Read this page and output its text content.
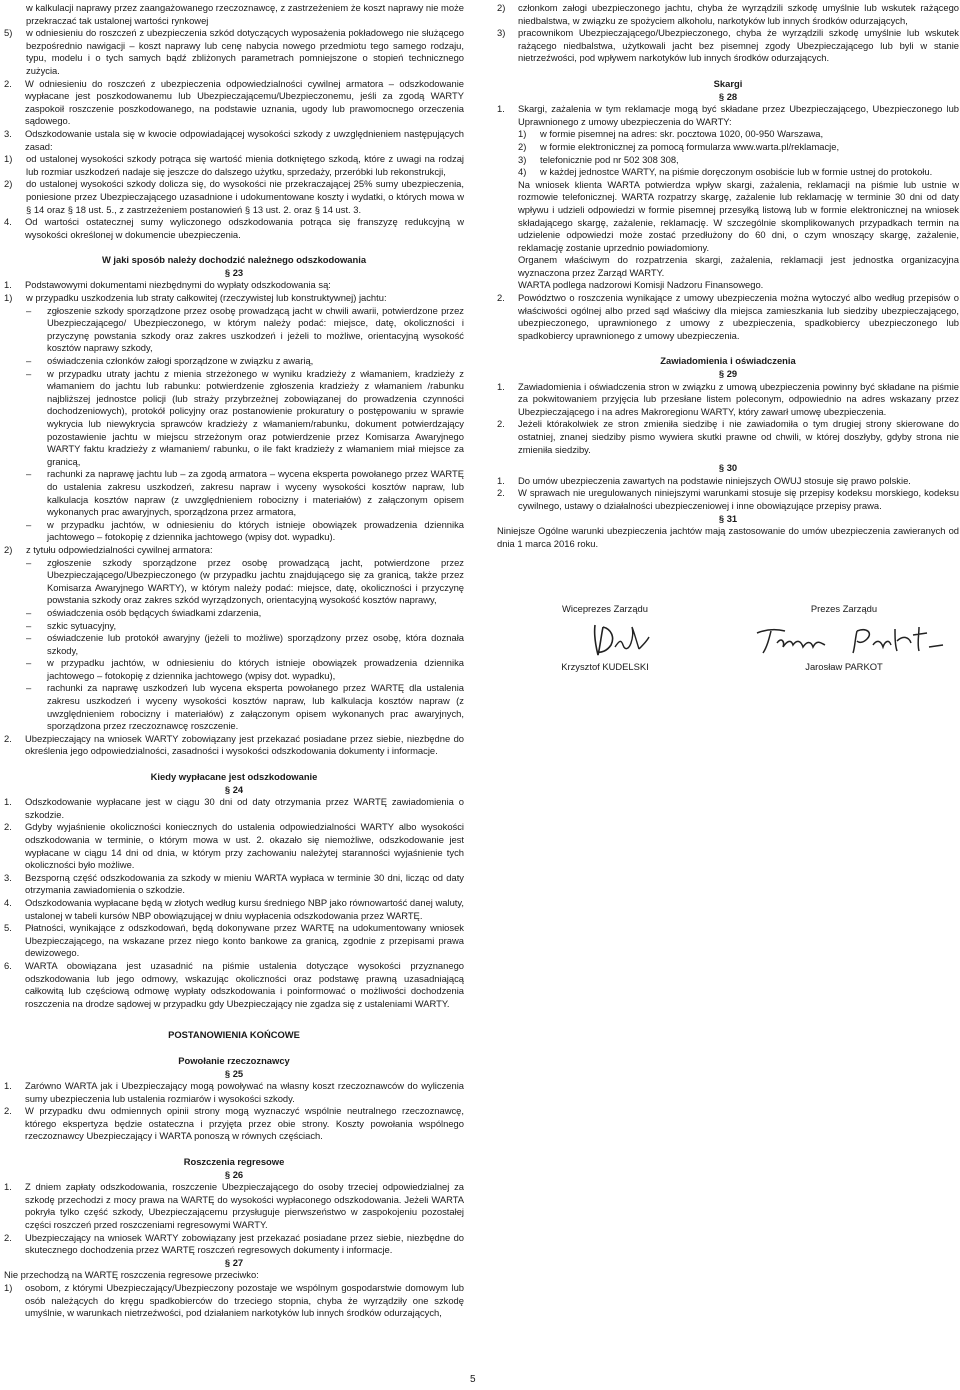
w kalkulacji naprawy przez zaangażowanego rzeczoznawcę, z zastrzeżeniem że koszt naprawy nie może przekraczać tak ustalonej wartości rynkowej

5) w odniesieniu do roszczeń z ubezpieczenia szkód dotyczących wyposażenia pokładowego nie służącego bezpośrednio nawigacji – koszt naprawy lub cenę nabycia nowego przedmiotu tego samego rodzaju, typu, modelu i o tych samych bądź zbliżonych parametrach pomniejszone o stopień technicznego zużycia.
2. W odniesieniu do roszczeń z ubezpieczenia odpowiedzialności cywilnej armatora – odszkodowanie wypłacane jest poszkodowanemu lub Ubezpieczającemu/Ubezpieczonemu, jeśli za zgodą WARTY zaspokoił roszczenie poszkodowanego, na podstawie uznania, ugody lub prawomocnego orzeczenia sądowego.
3. Odszkodowanie ustala się w kwocie odpowiadającej wysokości szkody z uwzględnieniem następujących zasad:
1) od ustalonej wysokości szkody potrąca się wartość mienia dotkniętego szkodą, które z uwagi na rodzaj lub rozmiar uszkodzeń nadaje się jeszcze do dalszego użytku, sprzedaży, przeróbki lub rekonstrukcji,
2) do ustalonej wysokości szkody dolicza się, do wysokości nie przekraczającej 25% sumy ubezpieczenia, poniesione przez Ubezpieczającego uzasadnione i udokumentowane koszty i wydatki, o których mowa w § 14 oraz § 18 ust. 5., z zastrzeżeniem postanowień § 13 ust. 2. oraz § 14 ust. 3.
4. Od wartości ostatecznej sumy wyliczonego odszkodowania potrąca się franszyzę redukcyjną w wysokości określonej w dokumencie ubezpieczenia.
W jaki sposób należy dochodzić należnego odszkodowania
§ 23
1. Podstawowymi dokumentami niezbędnymi do wypłaty odszkodowania są:
1) w przypadku uszkodzenia lub straty całkowitej (rzeczywistej lub konstruktywnej) jachtu:
– zgłoszenie szkody sporządzone przez osobę prowadzącą jacht w chwili awarii, potwierdzone przez Ubezpieczającego/ Ubezpieczonego, w którym należy podać: miejsce, datę, okoliczności i przyczynę powstania szkody oraz zakres uszkodzeń i jeżeli to możliwe, orientacyjną wysokość kosztów naprawy szkody,
– oświadczenia członków załogi sporządzone w związku z awarią,
– w przypadku utraty jachtu z mienia strzeżonego w wyniku kradzieży z włamaniem, kradzieży z włamaniem do jachtu lub rabunku: potwierdzenie zgłoszenia kradzieży z włamaniem /rabunku najbliższej jednostce policji (lub straży przybrzeżnej zobowiązanej do prowadzenia czynności dochodzeniowych), protokół policyjny oraz postanowienie prokuratury o postępowaniu w sprawie wykrycia lub niewykrycia sprawców kradzieży z włamaniem/rabunku, dokument potwierdzający pozostawienie jachtu w miejscu strzeżonym oraz potwierdzenie przez Komisarza Awaryjnego WARTY faktu kradzieży z włamaniem/ rabunku, o ile fakt kradzieży z włamaniem miał miejsce za granicą,
– rachunki za naprawę jachtu lub – za zgodą armatora – wycena eksperta powołanego przez WARTĘ do ustalenia zakresu uszkodzeń, zakresu napraw i wyceny wysokości kosztów napraw, lub kalkulacja kosztów napraw (z uwzględnieniem robocizny i materiałów) z załączonym opisem wykonanych prac awaryjnych, sporządzona przez armatora,
– w przypadku jachtów, w odniesieniu do których istnieje obowiązek prowadzenia dziennika jachtowego – fotokopię z dziennika jachtowego (wpisy dot. wypadku).
2) z tytułu odpowiedzialności cywilnej armatora:
– zgłoszenie szkody sporządzone przez osobę prowadzącą jacht, potwierdzone przez Ubezpieczającego/Ubezpieczonego (w przypadku jachtu znajdującego się za granicą, także przez Komisarza Awaryjnego WARTY), w którym należy podać: miejsce, datę, okoliczności i przyczynę powstania szkody oraz zakres szkód wyrządzonych, orientacyjną wysokość kosztów naprawy,
– oświadczenia osób będących świadkami zdarzenia,
– szkic sytuacyjny,
– oświadczenie lub protokół awaryjny (jeżeli to możliwe) sporządzony przez osobę, która doznała szkody,
– w przypadku jachtów, w odniesieniu do których istnieje obowiązek prowadzenia dziennika jachtowego – fotokopię z dziennika jachtowego (wpisy dot. wypadku),
– rachunki za naprawę uszkodzeń lub wycena eksperta powołanego przez WARTĘ dla ustalenia zakresu uszkodzeń i wyceny wysokości kosztów napraw, lub kalkulacja kosztów napraw (z uwzględnieniem robocizny i materiałów) z załączonym opisem wykonanych prac awaryjnych, sporządzona przez rzeczoznawcę roszczenie.
2. Ubezpieczający na wniosek WARTY zobowiązany jest przekazać posiadane przez siebie, niezbędne do określenia jego odpowiedzialności, zasadności i wysokości odszkodowania dokumenty i informacje.
Kiedy wypłacane jest odszkodowanie
§ 24
1. Odszkodowanie wypłacane jest w ciągu 30 dni od daty otrzymania przez WARTĘ zawiadomienia o szkodzie.
2. Gdyby wyjaśnienie okoliczności koniecznych do ustalenia odpowiedzialności WARTY albo wysokości odszkodowania w terminie, o którym mowa w ust. 2. okazało się niemożliwe, odszkodowanie jest wypłacane w ciągu 14 dni od dnia, w którym przy zachowaniu należytej staranności wyjaśnienie tych okoliczności było możliwe.
3. Bezsporną część odszkodowania za szkody w mieniu WARTA wypłaca w terminie 30 dni, licząc od daty otrzymania zawiadomienia o szkodzie.
4. Odszkodowania wypłacane będą w złotych według kursu średniego NBP jako równowartość danej waluty, ustalonej w tabeli kursów NBP obowiązującej w dniu wypłacenia odszkodowania przez WARTĘ.
5. Płatności, wynikające z odszkodowań, będą dokonywane przez WARTĘ na udokumentowany wniosek Ubezpieczającego, na wskazane przez niego konto bankowe za granicą, zgodnie z przepisami prawa dewizowego.
6. WARTA obowiązana jest uzasadnić na piśmie ustalenia dotyczące wysokości przyznanego odszkodowania lub jego odmowy, wskazując okoliczności oraz podstawę prawną uzasadniającą całkowitą lub częściową odmowę wypłaty odszkodowania i poinformować o możliwości dochodzenia roszczenia na drodze sądowej w przypadku gdy Ubezpieczający nie zgadza się z ustaleniami WARTY.
POSTANOWIENIA KOŃCOWE
Powołanie rzeczoznawcy
§ 25
1. Zarówno WARTA jak i Ubezpieczający mogą powoływać na własny koszt rzeczoznawców do wyliczenia sumy ubezpieczenia lub ustalenia rozmiarów i wysokości szkody.
2. W przypadku dwu odmiennych opinii strony mogą wyznaczyć wspólnie neutralnego rzeczoznawcę, którego ekspertyza będzie ostateczna i przyjęta przez obie strony. Koszty powołania wspólnego rzeczoznawcy Ubezpieczający i WARTA ponoszą w równych częściach.
Roszczenia regresowe
§ 26
1. Z dniem zapłaty odszkodowania, roszczenie Ubezpieczającego do osoby trzeciej odpowiedzialnej za szkodę przechodzi z mocy prawa na WARTĘ do wysokości wypłaconego odszkodowania. Jeżeli WARTA pokryła tylko część szkody, Ubezpieczającemu przysługuje pierwszeństwo w zaspokojeniu pozostałej części roszczeń przed roszczeniami regresowymi WARTY.
2. Ubezpieczający na wniosek WARTY zobowiązany jest przekazać posiadane przez siebie, niezbędne do skutecznego dochodzenia przez WARTĘ roszczeń regresowych dokumenty i informacje.
§ 27

Nie przechodzą na WARTĘ roszczenia regresowe przeciwko:

1) osobom, z którymi Ubezpieczający/Ubezpieczony pozostaje we wspólnym gospodarstwie domowym lub osób należących do kręgu spadkobierców do trzeciego stopnia, chyba że wyrządziły one szkodę umyślnie, w warunkach nietrzeźwości, pod działaniem narkotyków lub innych środków odurzających,
2) członkom załogi ubezpieczonego jachtu, chyba że wyrządzili szkodę umyślnie lub wskutek rażącego niedbalstwa, w związku ze spożyciem alkoholu, narkotyków lub innych środków odurzających,
3) pracownikom Ubezpieczającego/Ubezpieczonego, chyba że wyrządzili szkodę umyślnie lub wskutek rażącego niedbalstwa, użytkowali jacht bez pisemnej zgody Ubezpieczającego lub byli w stanie nietrzeźwości, pod wpływem narkotyków lub innych środków odurzających.
Skargi
§ 28
1. Skargi, zażalenia w tym reklamacje mogą być składane przez Ubezpieczającego, Ubezpieczonego lub Uprawnionego z umowy ubezpieczenia do WARTY:
1) w formie pisemnej na adres: skr. pocztowa 1020, 00-950 Warszawa,
2) w formie elektronicznej za pomocą formularza www.warta.pl/reklamacje,
3) telefonicznie pod nr 502 308 308,
4) w każdej jednostce WARTY, na piśmie doręczonym osobiście lub w formie ustnej do protokołu.

Na wniosek klienta WARTA potwierdza wpływ skargi, zażalenia, reklamacji na piśmie lub ustnie w rozmowie telefonicznej. WARTA rozpatrzy skargę, zażalenie lub reklamację w terminie 30 dni od daty wpływu i udzieli odpowiedzi w formie pisemnej przesyłką listową lub w formie elektronicznej na wniosek składającego skargę, zażalenie, reklamację. W szczególnie skomplikowanych przypadkach termin na udzielenie odpowiedzi może zostać przedłużony do 60 dni, o czym wnoszący skargę, zażalenie, reklamację zostanie uprzednio powiadomiony.

Organem właściwym do rozpatrzenia skargi, zażalenia, reklamacji jest jednostka organizacyjna wyznaczona przez Zarząd WARTY.

WARTA podlega nadzorowi Komisji Nadzoru Finansowego.

2. Powództwo o roszczenia wynikające z umowy ubezpieczenia można wytoczyć albo według przepisów o właściwości ogólnej albo przed sąd właściwy dla miejsca zamieszkania lub siedziby ubezpieczającego, ubezpieczonego, uprawnionego z umowy z ubezpieczenia, spadkobiercy ubezpieczonego lub spadkobiercy uprawnionego z umowy ubezpieczenia.
Zawiadomienia i oświadczenia
§ 29
1. Zawiadomienia i oświadczenia stron w związku z umową ubezpieczenia powinny być składane na piśmie za pokwitowaniem przyjęcia lub przesłane listem poleconym, odpowiednio na adres wskazany przez Ubezpieczającego i na adres Makroregionu WARTY, który zawarł umowę ubezpieczenia.
2. Jeżeli którakolwiek ze stron zmieniła siedzibę i nie zawiadomiła o tym drugiej strony skierowane do ostatniej, znanej siedziby pismo wywiera skutki prawne od chwili, w której doszłyby, gdyby strona nie zmieniła siedziby.
§ 30
1. Do umów ubezpieczenia zawartych na podstawie niniejszych OWUJ stosuje się prawo polskie.
2. W sprawach nie uregulowanych niniejszymi warunkami stosuje się przepisy kodeksu morskiego, kodeksu cywilnego, ustawy o działalności ubezpieczeniowej i inne obowiązujące przepisy prawa.
§ 31

Niniejsze Ogólne warunki ubezpieczenia jachtów mają zastosowanie do umów ubezpieczenia zawieranych od dnia 1 marca 2016 roku.

Wiceprezes Zarządu
Krzysztof KUDELSKI
Prezes Zarządu
Jarosław PARKOT
5
